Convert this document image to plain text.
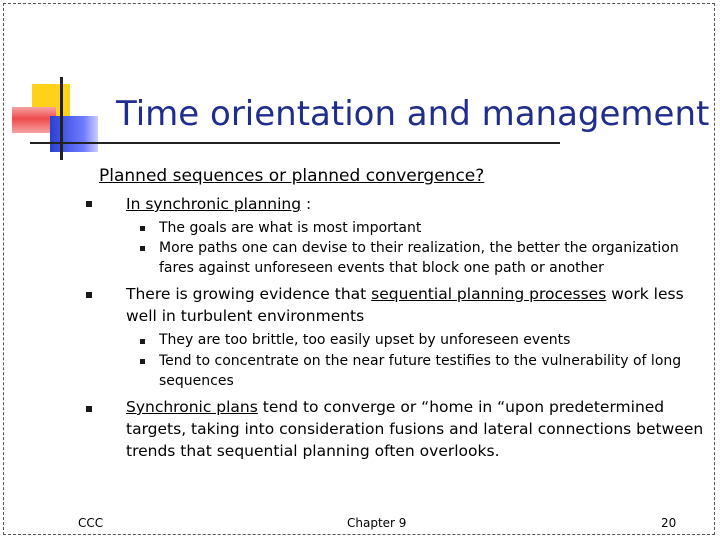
Time orientation and management
Planned sequences or planned convergence?
In synchronic planning :
The goals are what is most important
More paths one can devise to their realization, the better the organization fares against unforeseen events that block one path or another
There is growing evidence that sequential planning processes work less well in turbulent environments
They are too brittle, too easily upset by unforeseen events
Tend to concentrate on the near future testifies to the vulnerability of long sequences
Synchronic plans tend to converge or “home in “upon predetermined targets, taking into consideration fusions and lateral connections between trends that sequential planning often overlooks.
CCC	Chapter 9	20
